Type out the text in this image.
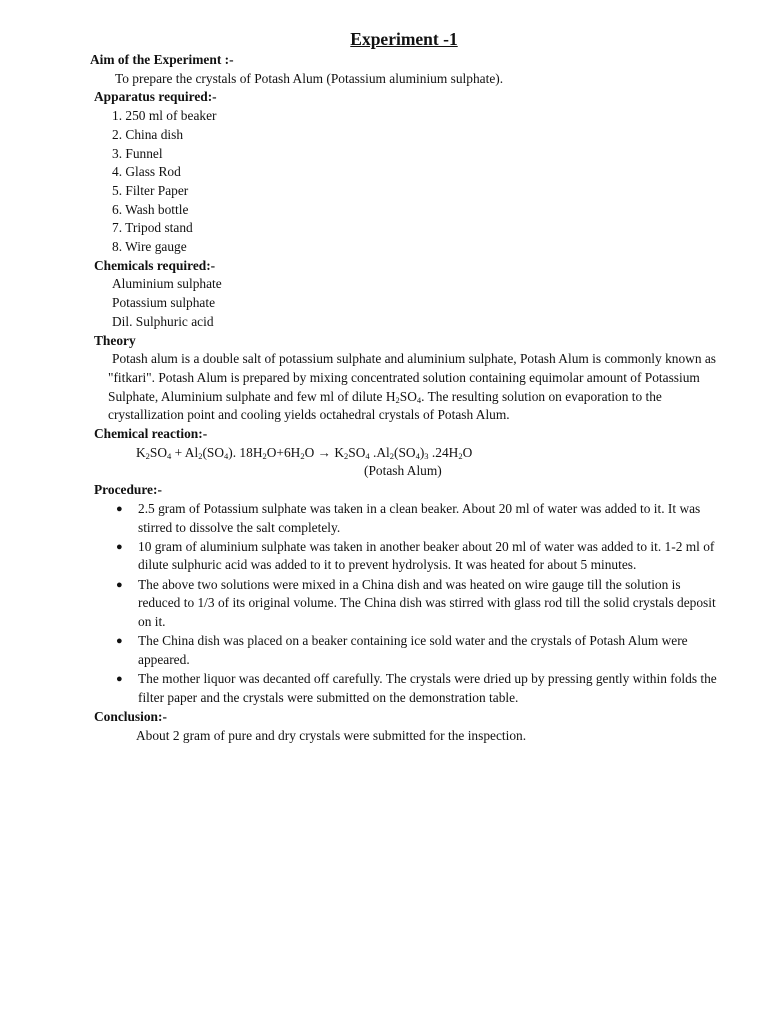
Experiment -1
Aim of the Experiment :-
To prepare the crystals of Potash Alum (Potassium aluminium sulphate).
Apparatus required:-
1. 250 ml of beaker
2. China dish
3. Funnel
4. Glass Rod
5. Filter Paper
6. Wash bottle
7. Tripod stand
8. Wire gauge
Chemicals required:-
Aluminium sulphate
Potassium sulphate
Dil. Sulphuric acid
Theory
Potash alum is a double salt of potassium sulphate and aluminium sulphate, Potash Alum is commonly known as "fitkari". Potash Alum is prepared by mixing concentrated solution containing equimolar amount of Potassium Sulphate, Aluminium sulphate and few ml of dilute $H_2SO_4$. The resulting solution on evaporation to the crystallization point and cooling yields octahedral crystals of Potash Alum.
Chemical reaction:-
$K_2SO_4 + Al_2(SO_4)$. $18H_2O+6H_2O \to K_2SO_4$ $.Al_2(SO_4)_3$ $.24H_2O$
(Potash Alum)
Procedure:-
● 2.5 gram of Potassium sulphate was taken in a clean beaker. About 20 ml of water was added to it. It was stirred to dissolve the salt completely.
● 10 gram of aluminium sulphate was taken in another beaker about 20 ml of water was added to it. 1-2 ml of dilute sulphuric acid was added to it to prevent hydrolysis. It was heated for about 5 minutes.
● The above two solutions were mixed in a China dish and was heated on wire gauge till the solution is reduced to 1/3 of its original volume. The China dish was stirred with glass rod till the solid crystals deposit on it.
● The China dish was placed on a beaker containing ice sold water and the crystals of Potash Alum were appeared.
● The mother liquor was decanted off carefully. The crystals were dried up by pressing gently within folds the filter paper and the crystals were submitted on the demonstration table.
Conclusion:-
About 2 gram of pure and dry crystals were submitted for the inspection.
